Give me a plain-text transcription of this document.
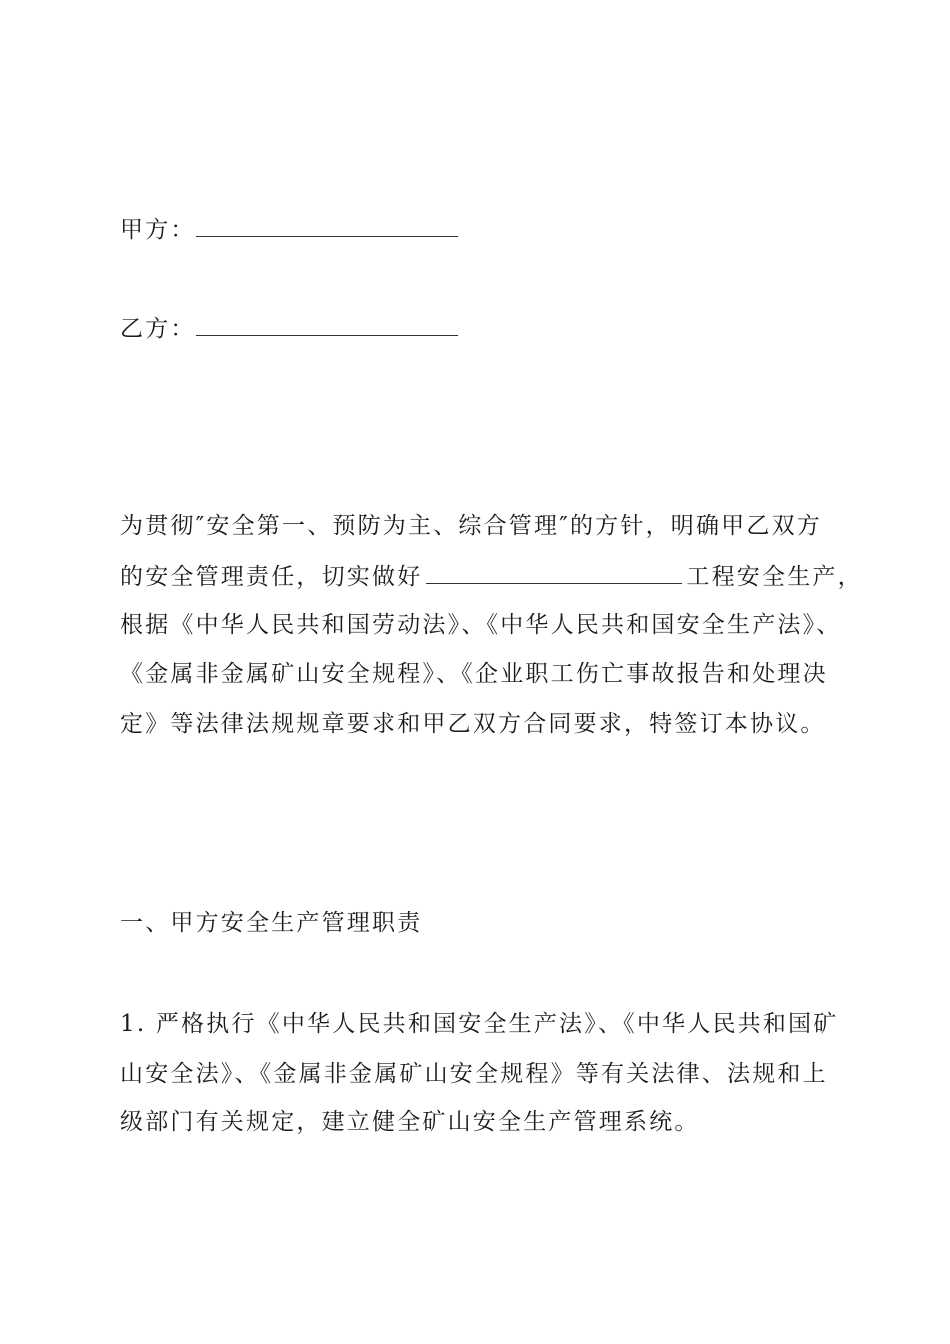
甲方：
乙方：
为贯彻″安全第一、预防为主、综合管理″的方针，明确甲乙双方
的安全管理责任，切实做好	工程安全生产，
根据《中华人民共和国劳动法》、《中华人民共和国安全生产法》、
《金属非金属矿山安全规程》、《企业职工伤亡事故报告和处理决
定》等法律法规规章要求和甲乙双方合同要求，特签订本协议。
一、甲方安全生产管理职责
1. 严格执行《中华人民共和国安全生产法》、《中华人民共和国矿
山安全法》、《金属非金属矿山安全规程》等有关法律、法规和上
级部门有关规定，建立健全矿山安全生产管理系统。
